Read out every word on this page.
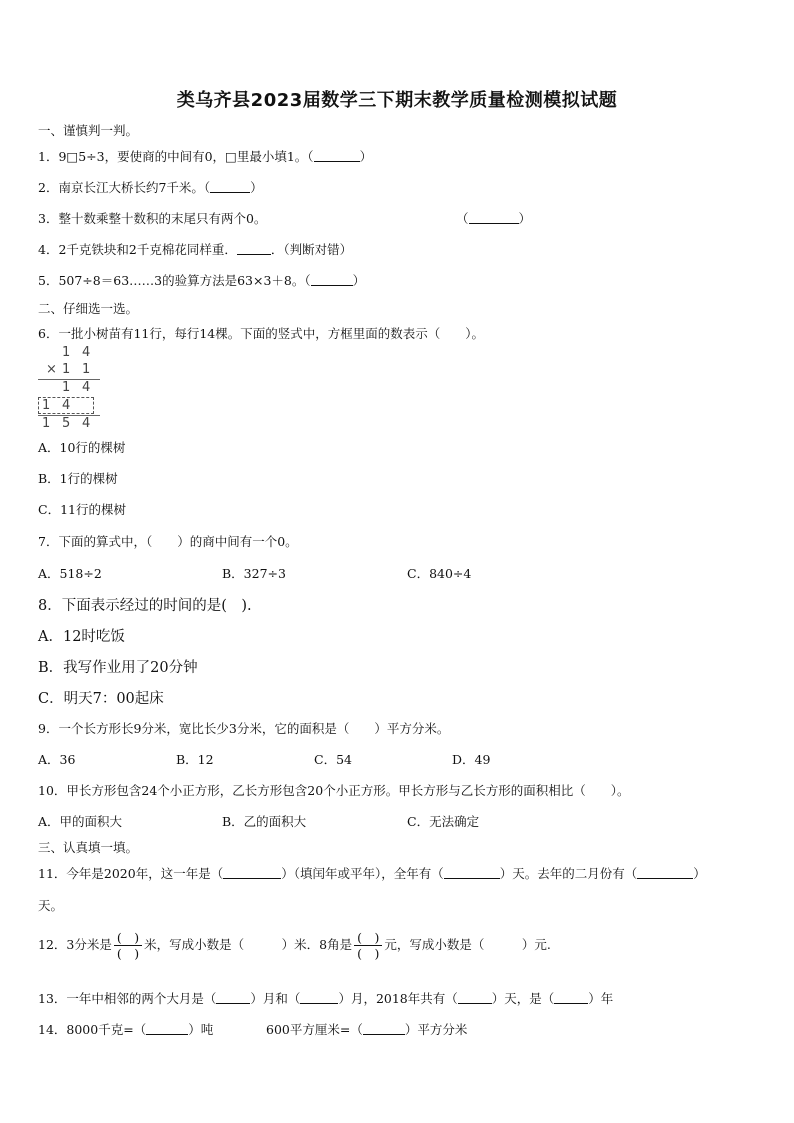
类乌齐县2023届数学三下期末教学质量检测模拟试题
一、谨慎判一判。
1．9□5÷3，要使商的中间有0，□里最小填1。（	）
2．南京长江大桥长约7千米。（	）
3．整十数乘整十数积的末尾只有两个0。	（	）
4．2千克铁块和2千克棉花同样重．	．（判断对错）
5．507÷8＝63……3的验算方法是63×3＋8。（	）
二、仔细选一选。
6．一批小树苗有11行，每行14棵。下面的竖式中，方框里面的数表示（　　）。
1 4
× 1 1
1 4
1 4
1 5 4
A．10行的棵树
B．1行的棵树
C．11行的棵树
7．下面的算式中，（　　）的商中间有一个0。
A．518÷2	B．327÷3	C．840÷4
8．下面表示经过的时间的是(　).
A．12时吃饭
B．我写作业用了20分钟
C．明天7：00起床
9．一个长方形长9分米，宽比长少3分米，它的面积是（　　）平方分米。
A．36	B．12	C．54	D．49
10．甲长方形包含24个小正方形，乙长方形包含20个小正方形。甲长方形与乙长方形的面积相比（　　）。
A．甲的面积大	B．乙的面积大	C．无法确定
三、认真填一填。
11．今年是2020年，这一年是（	）（填闰年或平年），全年有（	）天。去年的二月份有（	）
天。
12．3分米是 $\frac{( )}{( )}$ 米，写成小数是（　　　）米．8角是 $\frac{( )}{( )}$ 元，写成小数是（　　　）元.
13．一年中相邻的两个大月是（	）月和（	）月，2018年共有（	）天，是（	）年
14．8000千克=（	）吨	600平方厘米=（	）平方分米
